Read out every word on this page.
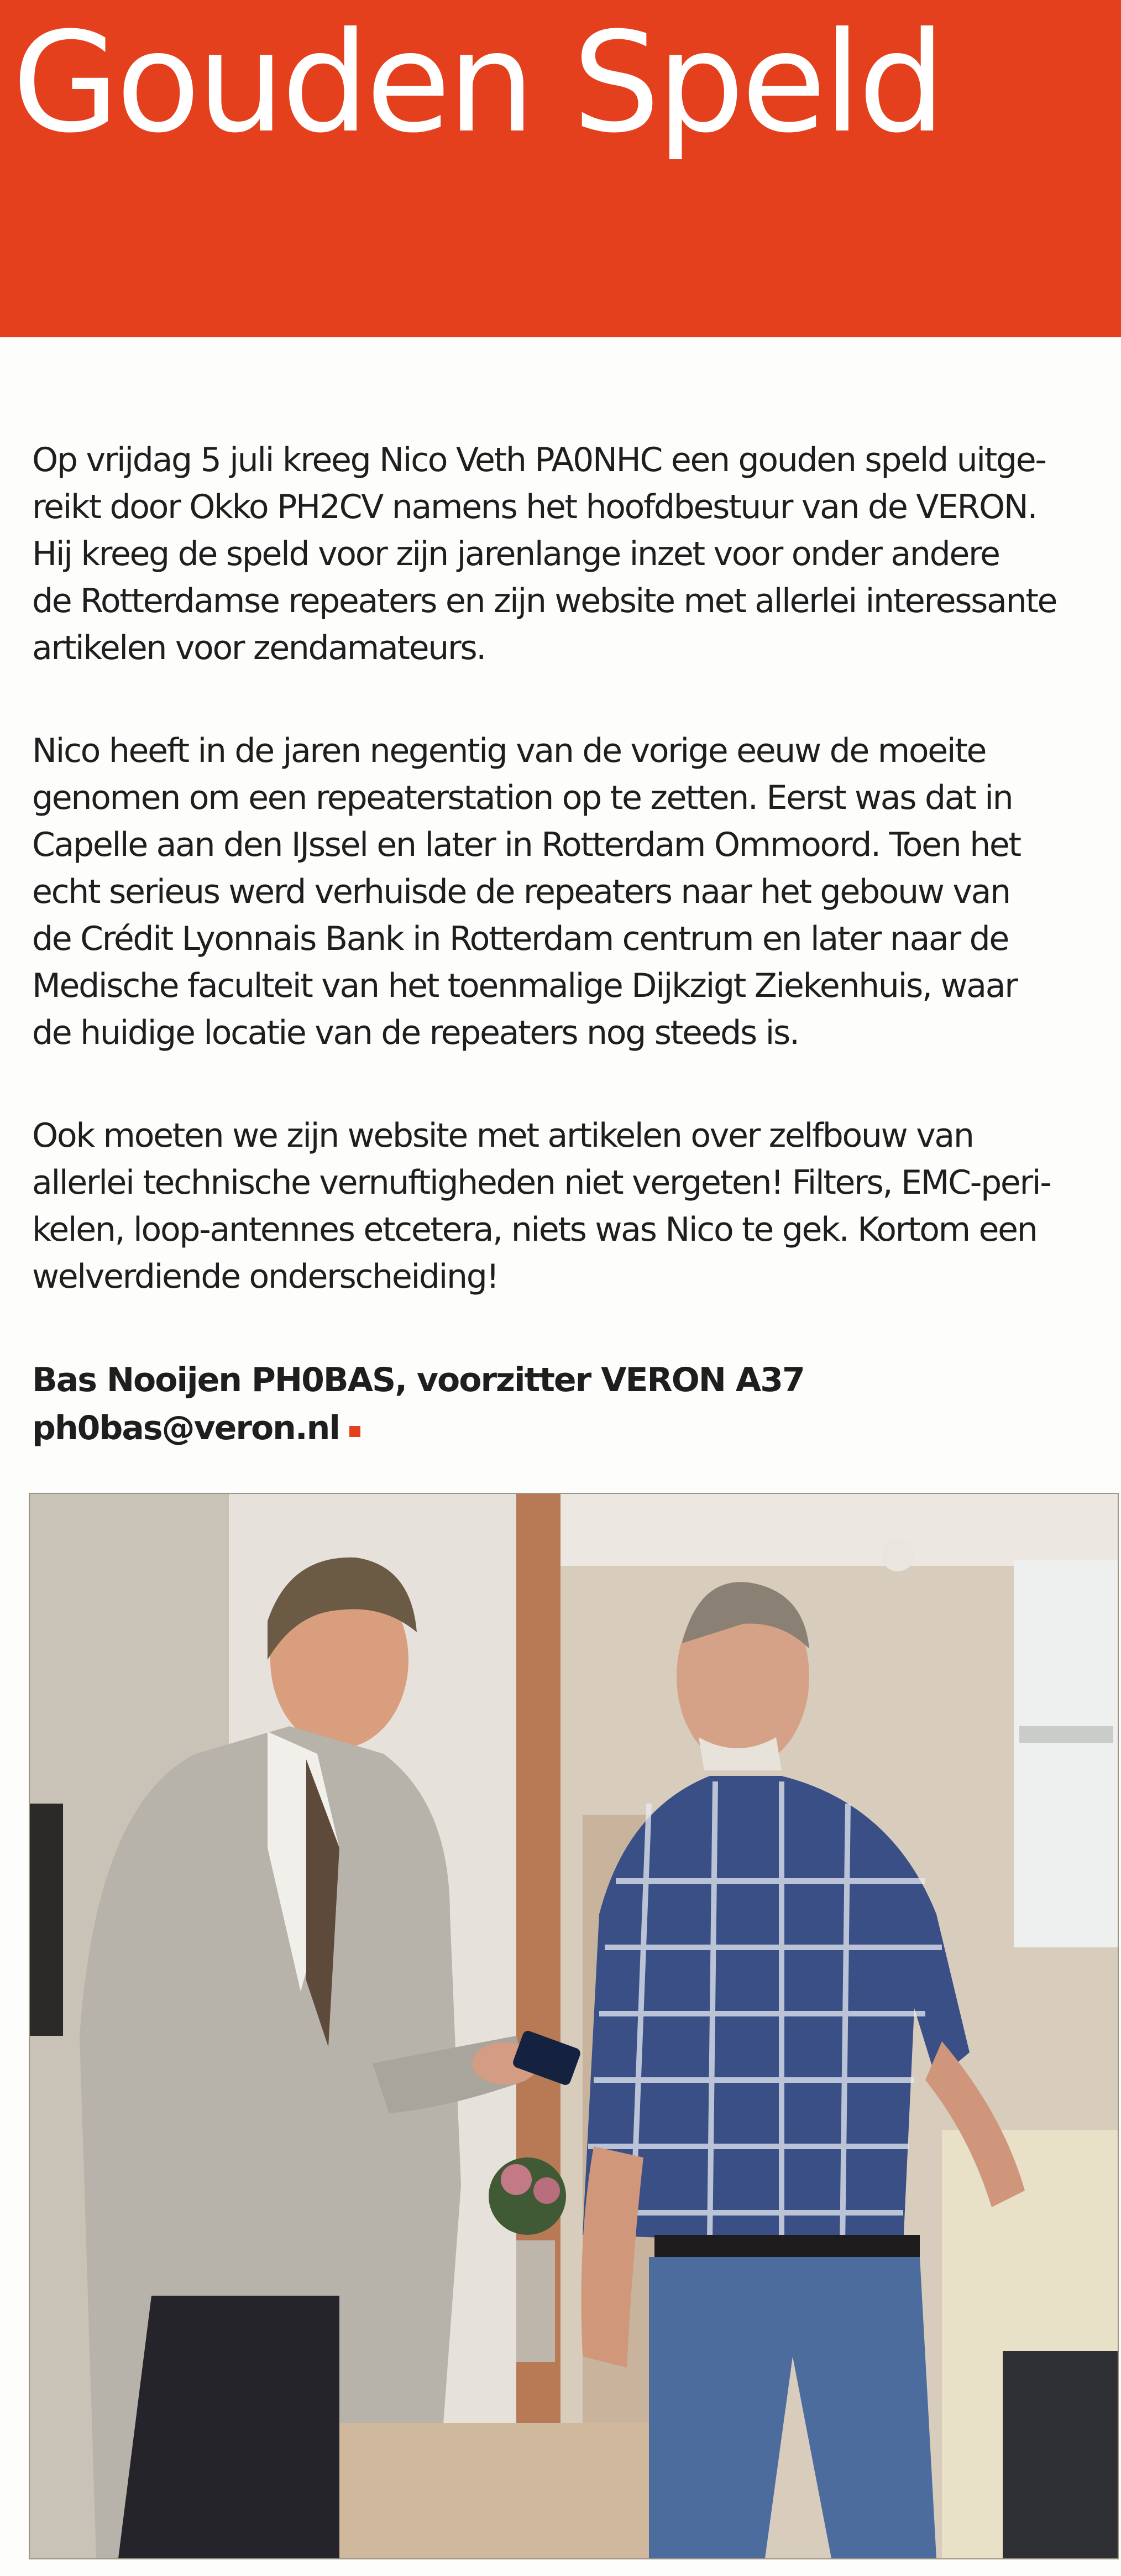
Gouden Speld

Op vrijdag 5 juli kreeg Nico Veth PA0NHC een gouden speld uitge-
reikt door Okko PH2CV namens het hoofdbestuur van de VERON.
Hij kreeg de speld voor zijn jarenlange inzet voor onder andere
de Rotterdamse repeaters en zijn website met allerlei interessante
artikelen voor zendamateurs.

Nico heeft in de jaren negentig van de vorige eeuw de moeite
genomen om een repeaterstation op te zetten. Eerst was dat in
Capelle aan den IJssel en later in Rotterdam Ommoord. Toen het
echt serieus werd verhuisde de repeaters naar het gebouw van
de Crédit Lyonnais Bank in Rotterdam centrum en later naar de
Medische faculteit van het toenmalige Dijkzigt Ziekenhuis, waar
de huidige locatie van de repeaters nog steeds is.

Ook moeten we zijn website met artikelen over zelfbouw van
allerlei technische vernuftigheden niet vergeten! Filters, EMC-peri-
kelen, loop-antennes etcetera, niets was Nico te gek. Kortom een
welverdiende onderscheiding!

Bas Nooijen PH0BAS, voorzitter VERON A37
ph0bas@veron.nl
